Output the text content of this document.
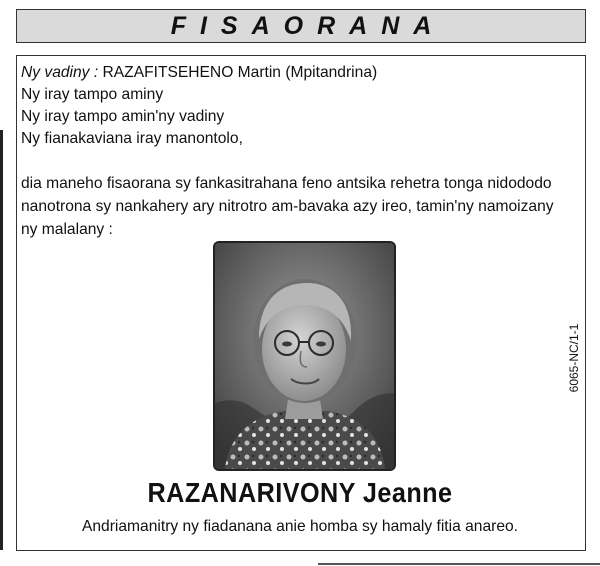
FISAORANA
Ny vadiny : RAZAFITSEHENO Martin (Mpitandrina)
Ny iray tampo aminy
Ny iray tampo amin'ny vadiny
Ny fianakaviana iray manontolo,
dia maneho fisaorana sy fankasitrahana feno antsika rehetra tonga nidododo
nanotrona sy nankahery ary nitrotro am-bavaka azy ireo, tamin'ny namoizany
ny malalany :
RAZANARIVONY Jeanne
Andriamanitry ny fiadanana anie homba sy hamaly fitia anareo.
6065-NC/1-1
